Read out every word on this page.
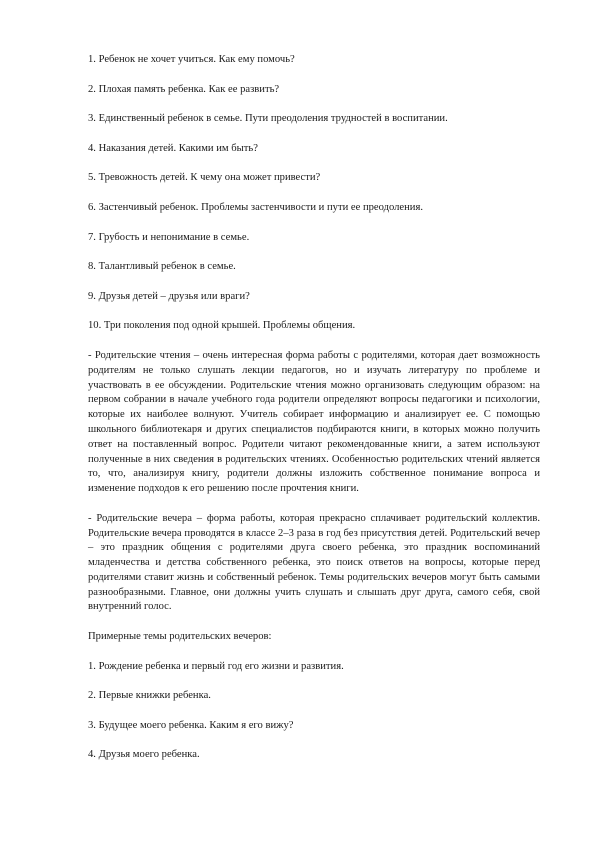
1. Ребенок не хочет учиться. Как ему помочь?

2. Плохая память ребенка. Как ее развить?

3. Единственный ребенок в семье. Пути преодоления трудностей в воспитании.

4. Наказания детей. Какими им быть?

5. Тревожность детей. К чему она может привести?

6. Застенчивый ребенок. Проблемы застенчивости и пути ее преодоления.

7. Грубость и непонимание в семье.

8. Талантливый ребенок в семье.

9. Друзья детей – друзья или враги?

10. Три поколения под одной крышей. Проблемы общения.

- Родительские чтения – очень интересная форма работы с родителями, которая дает возможность родителям не только слушать лекции педагогов, но и изучать литературу по проблеме и участвовать в ее обсуждении. Родительские чтения можно организовать следующим образом: на первом собрании в начале учебного года родители определяют вопросы педагогики и психологии, которые их наиболее волнуют. Учитель собирает информацию и анализирует ее. С помощью школьного библиотекаря и других специалистов подбираются книги, в которых можно получить ответ на поставленный вопрос. Родители читают рекомендованные книги, а затем используют полученные в них сведения в родительских чтениях. Особенностью родительских чтений является то, что, анализируя книгу, родители должны изложить собственное понимание вопроса и изменение подходов к его решению после прочтения книги.

- Родительские вечера – форма работы, которая прекрасно сплачивает родительский коллектив. Родительские вечера проводятся в классе 2–3 раза в год без присутствия детей. Родительский вечер – это праздник общения с родителями друга своего ребенка, это праздник воспоминаний младенчества и детства собственного ребенка, это поиск ответов на вопросы, которые перед родителями ставит жизнь и собственный ребенок. Темы родительских вечеров могут быть самыми разнообразными. Главное, они должны учить слушать и слышать друг друга, самого себя, свой внутренний голос.

Примерные темы родительских вечеров:

1. Рождение ребенка и первый год его жизни и развития.

2. Первые книжки ребенка.

3. Будущее моего ребенка. Каким я его вижу?

4. Друзья моего ребенка.
